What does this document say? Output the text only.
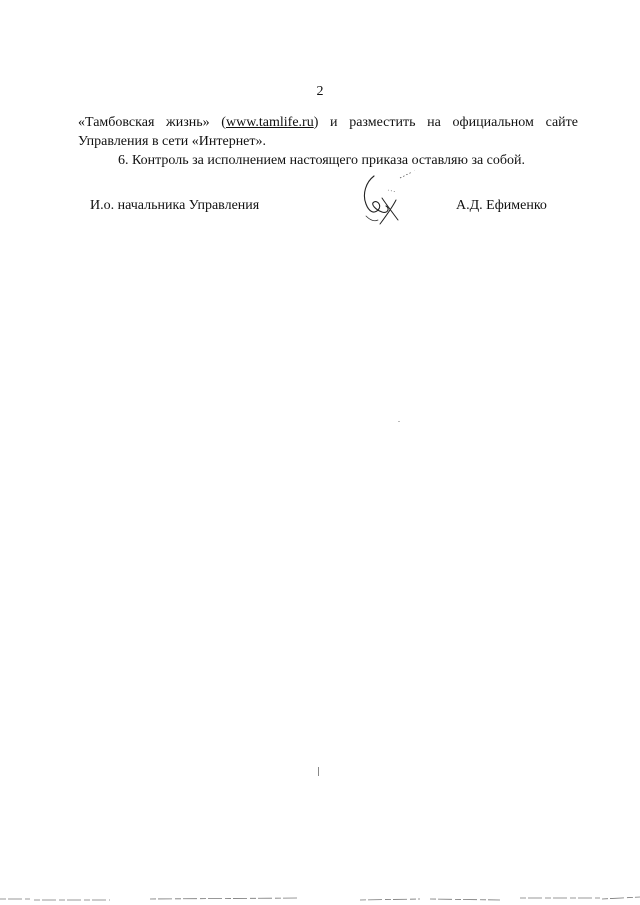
2

«Тамбовская жизнь» (www.tamlife.ru) и разместить на официальном сайте
Управления в сети «Интернет».

6. Контроль за исполнением настоящего приказа оставляю за собой.

И.о. начальника Управления	А.Д. Ефименко
